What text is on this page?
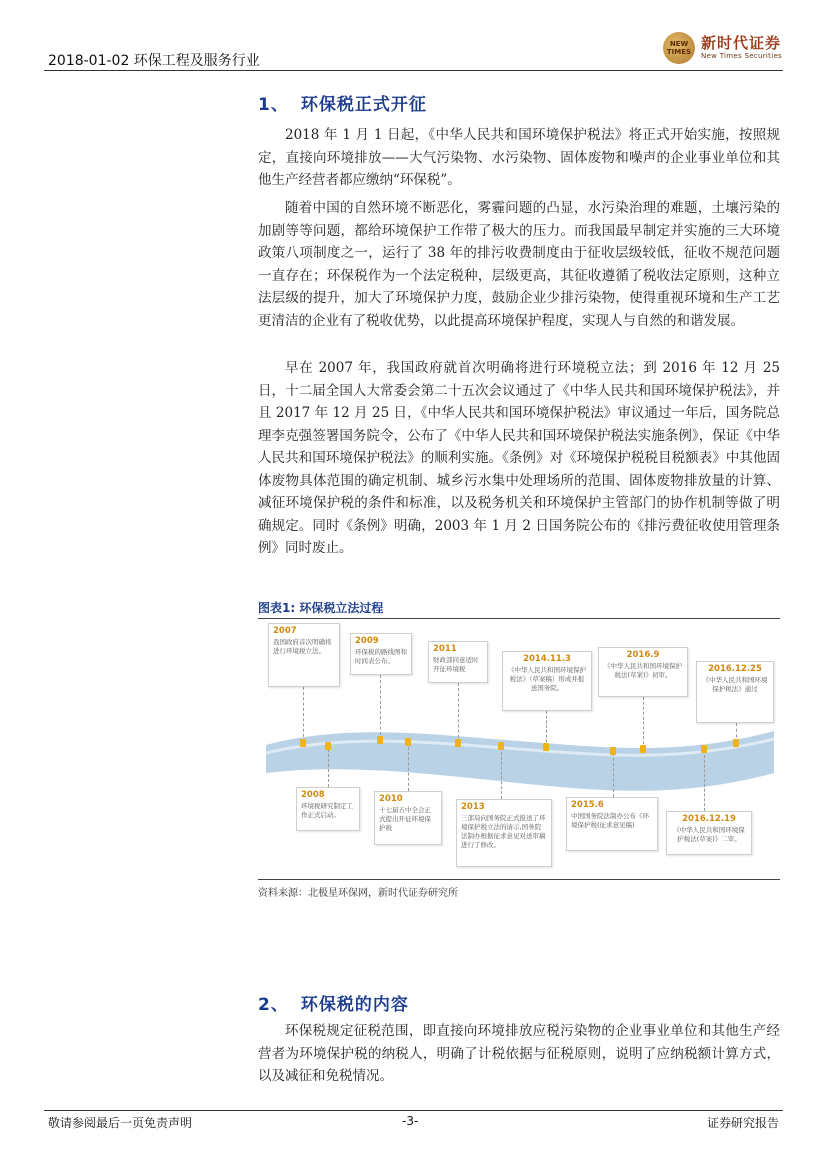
2018-01-02 环保工程及服务行业
NEW TIMES 新时代证券
New Times Securities
1、 环保税正式开征
2018 年 1 月 1 日起，《中华人民共和国环境保护税法》将正式开始实施，按照规定，直接向环境排放——大气污染物、水污染物、固体废物和噪声的企业事业单位和其他生产经营者都应缴纳“环保税”。
随着中国的自然环境不断恶化，雾霾问题的凸显，水污染治理的难题，土壤污染的加剧等等问题，都给环境保护工作带了极大的压力。而我国最早制定并实施的三大环境政策八项制度之一，运行了 38 年的排污收费制度由于征收层级较低，征收不规范问题一直存在；环保税作为一个法定税种，层级更高，其征收遵循了税收法定原则，这种立法层级的提升，加大了环境保护力度，鼓励企业少排污染物，使得重视环境和生产工艺更清洁的企业有了税收优势，以此提高环境保护程度，实现人与自然的和谐发展。
早在 2007 年，我国政府就首次明确将进行环境税立法；到 2016 年 12 月 25 日，十二届全国人大常委会第二十五次会议通过了《中华人民共和国环境保护税法》，并且 2017 年 12 月 25 日，《中华人民共和国环境保护税法》审议通过一年后，国务院总理李克强签署国务院令，公布了《中华人民共和国环境保护税法实施条例》，保证《中华人民共和国环境保护税法》的顺利实施。《条例》对《环境保护税税目税额表》中其他固体废物具体范围的确定机制、城乡污水集中处理场所的范围、固体废物排放量的计算、减征环境保护税的条件和标准，以及税务机关和环境保护主管部门的协作机制等做了明确规定。同时《条例》明确，2003 年 1 月 2 日国务院公布的《排污费征收使用管理条例》同时废止。
图表1: 环保税立法过程
2007
我国政府首次明确将进行环境税立法。
2009
环保税的路线图和时间表公布。
2011
财政部同意适时开征环境税
2014.11.3
《中华人民共和国环境保护税法》（草案稿）形成并报送国务院。
2016.9
《中华人民共和国环境保护税法(草案)》初审。
2016.12.25
《中华人民共和国环境保护税法》通过
2008
环境税研究制定工作正式启动。
2010
十七届五中全会正式提出开征环境保护税
2013
三部局向国务院正式报送了环境保护税立法的请示,国务院法制办根据征求意见对送审稿进行了修改。
2015.6
中国国务院法制办公布《环境保护税(征求意见稿)
2016.12.19
《中华人民共和国环境保护税法(草案)》二审。
资料来源：北极星环保网，新时代证券研究所
2、 环保税的内容
环保税规定征税范围，即直接向环境排放应税污染物的企业事业单位和其他生产经营者为环境保护税的纳税人，明确了计税依据与征税原则，说明了应纳税额计算方式，以及减征和免税情况。
敬请参阅最后一页免责声明	-3-	证券研究报告
